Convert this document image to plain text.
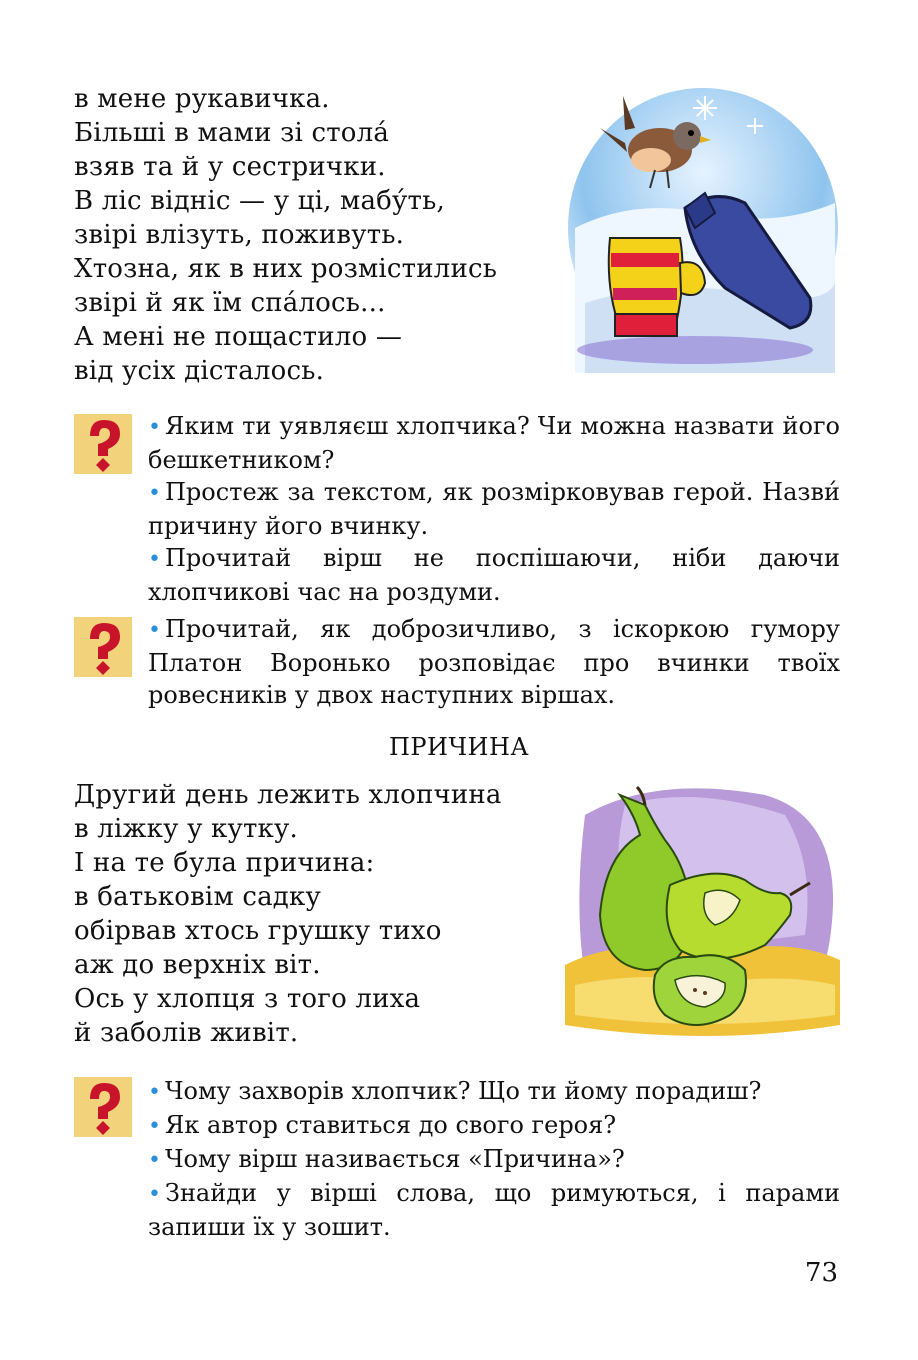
в мене рукавичка.
Більші в мами зі стола́
взяв та й у сестрички.
В ліс відніс — у ці, мабу́ть,
звірі влізуть, поживуть.
Хтозна, як в них розмістились
звірі й як їм спа́лось...
А мені не пощастило —
від усіх дісталось.

• Яким ти уявляєш хлопчика? Чи можна назвати його бешкетником?

• Простеж за текстом, як розмірковував герой. Назви́ причину його вчинку.

• Прочитай вірш не поспішаючи, ніби даючи хлопчикові час на роздуми.

• Прочитай, як доброзичливо, з іскоркою гумору Платон Воронько розповідає про вчинки твоїх ровесників у двох наступних віршах.

ПРИЧИНА
Другий день лежить хлопчина
в ліжку у кутку.
І на те була причина:
в батьковім садку
обірвав хтось грушку тихо
аж до верхніх віт.
Ось у хлопця з того лиха
й заболів живіт.

• Чому захворів хлопчик? Що ти йому порадиш?

• Як автор ставиться до свого героя?

• Чому вірш називається «Причина»?

• Знайди у вірші слова, що римуються, і парами запиши їх у зошит.

73
